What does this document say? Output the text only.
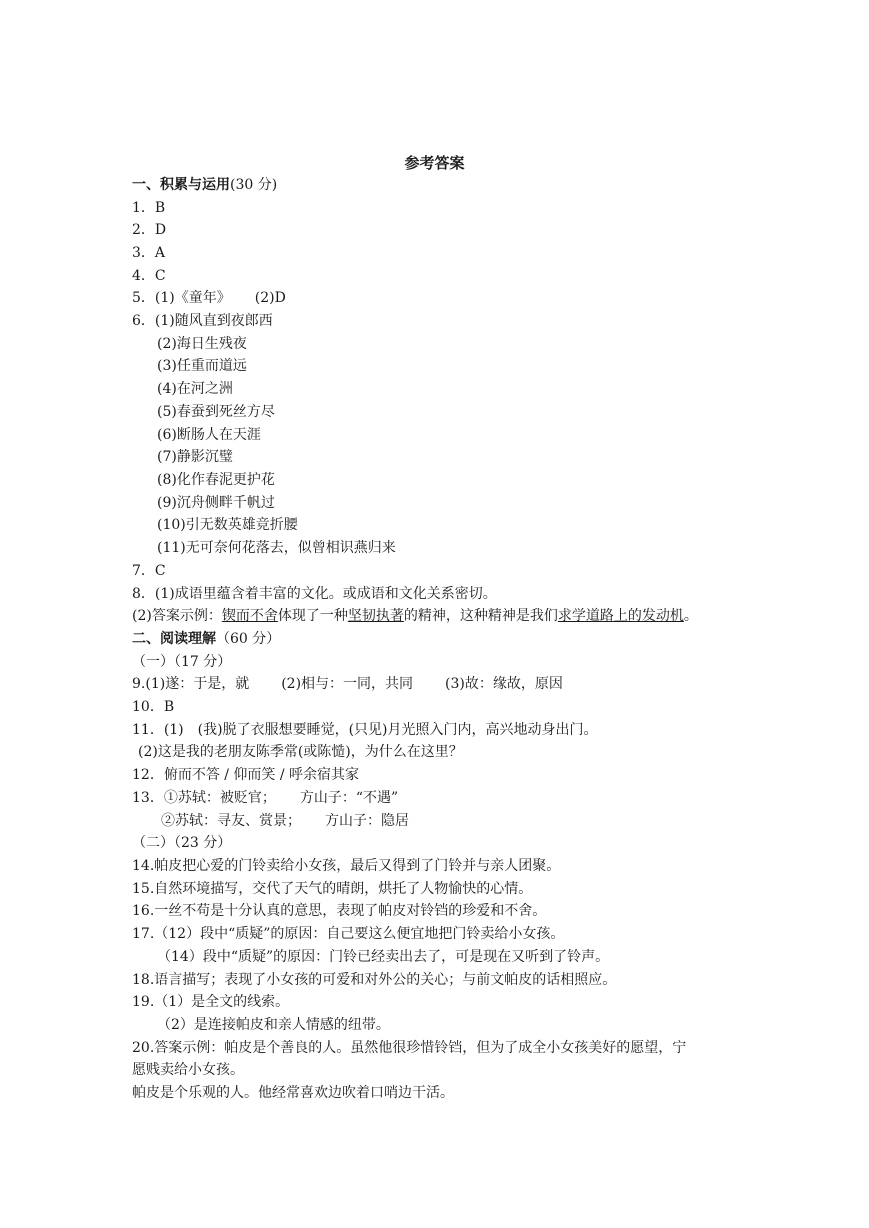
参考答案
一、积累与运用(30 分)
1．B
2．D
3．A
4．C
5．(1)《童年》 (2)D
6．(1)随风直到夜郎西
(2)海日生残夜
(3)任重而道远
(4)在河之洲
(5)春蚕到死丝方尽
(6)断肠人在天涯
(7)静影沉璧
(8)化作春泥更护花
(9)沉舟侧畔千帆过
(10)引无数英雄竞折腰
(11)无可奈何花落去，似曾相识燕归来
7．C
8．(1)成语里蕴含着丰富的文化。或成语和文化关系密切。
(2)答案示例：锲而不舍体现了一种坚韧执著的精神，这种精神是我们求学道路上的发动机。
二、阅读理解（60 分）
（一）（17 分）
9.(1)遂：于是，就 (2)相与：一同，共同 (3)故：缘故，原因
10．B
11．(1)　(我)脱了衣服想要睡觉，(只见)月光照入门内，高兴地动身出门。
(2)这是我的老朋友陈季常(或陈慥)，为什么在这里？
12．俯而不答 / 仰而笑 / 呼余宿其家
13．①苏轼：被贬官； 方山子：“不遇”
②苏轼：寻友、赏景； 方山子：隐居
（二）（23 分）
14.帕皮把心爱的门铃卖给小女孩，最后又得到了门铃并与亲人团聚。
15.自然环境描写，交代了天气的晴朗，烘托了人物愉快的心情。
16.一丝不苟是十分认真的意思，表现了帕皮对铃铛的珍爱和不舍。
17.（12）段中“质疑”的原因：自己要这么便宜地把门铃卖给小女孩。
（14）段中“质疑”的原因：门铃已经卖出去了，可是现在又听到了铃声。
18.语言描写；表现了小女孩的可爱和对外公的关心；与前文帕皮的话相照应。
19.（1）是全文的线索。
（2）是连接帕皮和亲人情感的纽带。
20.答案示例：帕皮是个善良的人。虽然他很珍惜铃铛，但为了成全小女孩美好的愿望，宁
愿贱卖给小女孩。
帕皮是个乐观的人。他经常喜欢边吹着口哨边干活。
